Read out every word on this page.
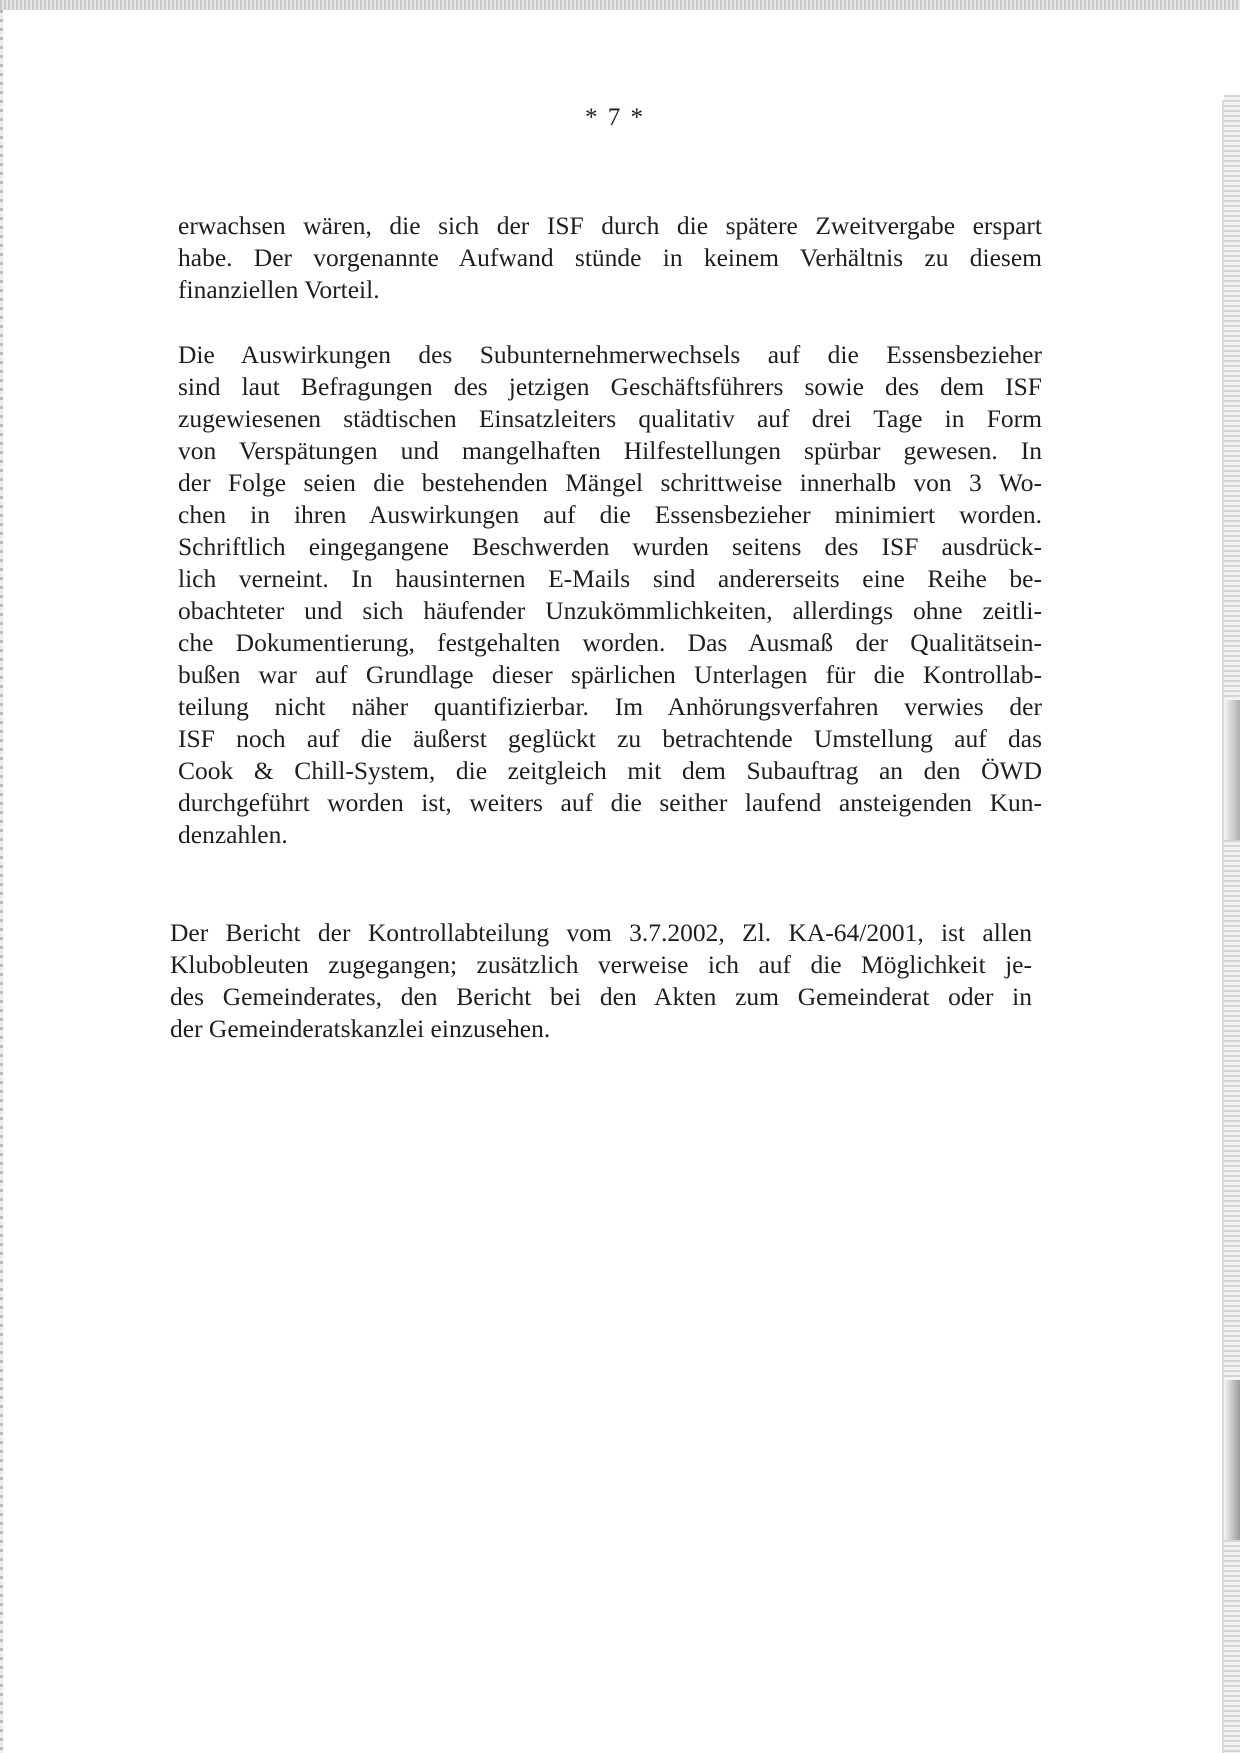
* 7 *

erwachsen wären, die sich der ISF durch die spätere Zweitvergabe erspart
habe. Der vorgenannte Aufwand stünde in keinem Verhältnis zu diesem
finanziellen Vorteil.

Die Auswirkungen des Subunternehmerwechsels auf die Essensbezieher
sind laut Befragungen des jetzigen Geschäftsführers sowie des dem ISF
zugewiesenen städtischen Einsatzleiters qualitativ auf drei Tage in Form
von Verspätungen und mangelhaften Hilfestellungen spürbar gewesen. In
der Folge seien die bestehenden Mängel schrittweise innerhalb von 3 Wo-
chen in ihren Auswirkungen auf die Essensbezieher minimiert worden.
Schriftlich eingegangene Beschwerden wurden seitens des ISF ausdrück-
lich verneint. In hausinternen E-Mails sind andererseits eine Reihe be-
obachteter und sich häufender Unzukömmlichkeiten, allerdings ohne zeitli-
che Dokumentierung, festgehalten worden. Das Ausmaß der Qualitätsein-
bußen war auf Grundlage dieser spärlichen Unterlagen für die Kontrollab-
teilung nicht näher quantifizierbar. Im Anhörungsverfahren verwies der
ISF noch auf die äußerst geglückt zu betrachtende Umstellung auf das
Cook & Chill-System, die zeitgleich mit dem Subauftrag an den ÖWD
durchgeführt worden ist, weiters auf die seither laufend ansteigenden Kun-
denzahlen.

Der Bericht der Kontrollabteilung vom 3.7.2002, Zl. KA-64/2001, ist allen
Klubobleuten zugegangen; zusätzlich verweise ich auf die Möglichkeit je-
des Gemeinderates, den Bericht bei den Akten zum Gemeinderat oder in
der Gemeinderatskanzlei einzusehen.
